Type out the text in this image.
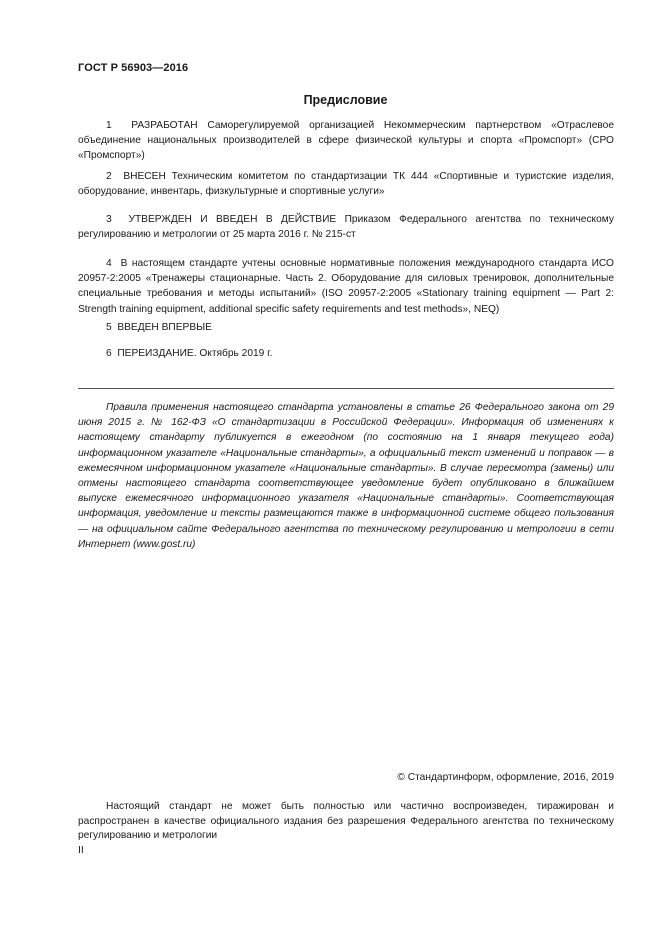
ГОСТ Р 56903—2016
Предисловие
1 РАЗРАБОТАН Саморегулируемой организацией Некоммерческим партнерством «Отраслевое объединение национальных производителей в сфере физической культуры и спорта «Промспорт» (СРО «Промспорт»)
2 ВНЕСЕН Техническим комитетом по стандартизации ТК 444 «Спортивные и туристские изделия, оборудование, инвентарь, физкультурные и спортивные услуги»
3 УТВЕРЖДЕН И ВВЕДЕН В ДЕЙСТВИЕ Приказом Федерального агентства по техническому регулированию и метрологии от 25 марта 2016 г. № 215-ст
4 В настоящем стандарте учтены основные нормативные положения международного стандарта ИСО 20957-2:2005 «Тренажеры стационарные. Часть 2. Оборудование для силовых тренировок, дополнительные специальные требования и методы испытаний» (ISO 20957-2:2005 «Stationary training equipment — Part 2: Strength training equipment, additional specific safety requirements and test methods», NEQ)
5 ВВЕДЕН ВПЕРВЫЕ
6 ПЕРЕИЗДАНИЕ. Октябрь 2019 г.
Правила применения настоящего стандарта установлены в статье 26 Федерального закона от 29 июня 2015 г. № 162-ФЗ «О стандартизации в Российской Федерации». Информация об изменениях к настоящему стандарту публикуется в ежегодном (по состоянию на 1 января текущего года) информационном указателе «Национальные стандарты», а официальный текст изменений и поправок — в ежемесячном информационном указателе «Национальные стандарты». В случае пересмотра (замены) или отмены настоящего стандарта соответствующее уведомление будет опубликовано в ближайшем выпуске ежемесячного информационного указателя «Национальные стандарты». Соответствующая информация, уведомление и тексты размещаются также в информационной системе общего пользования — на официальном сайте Федерального агентства по техническому регулированию и метрологии в сети Интернет (www.gost.ru)
© Стандартинформ, оформление, 2016, 2019
Настоящий стандарт не может быть полностью или частично воспроизведен, тиражирован и распространен в качестве официального издания без разрешения Федерального агентства по техническому регулированию и метрологии
II
